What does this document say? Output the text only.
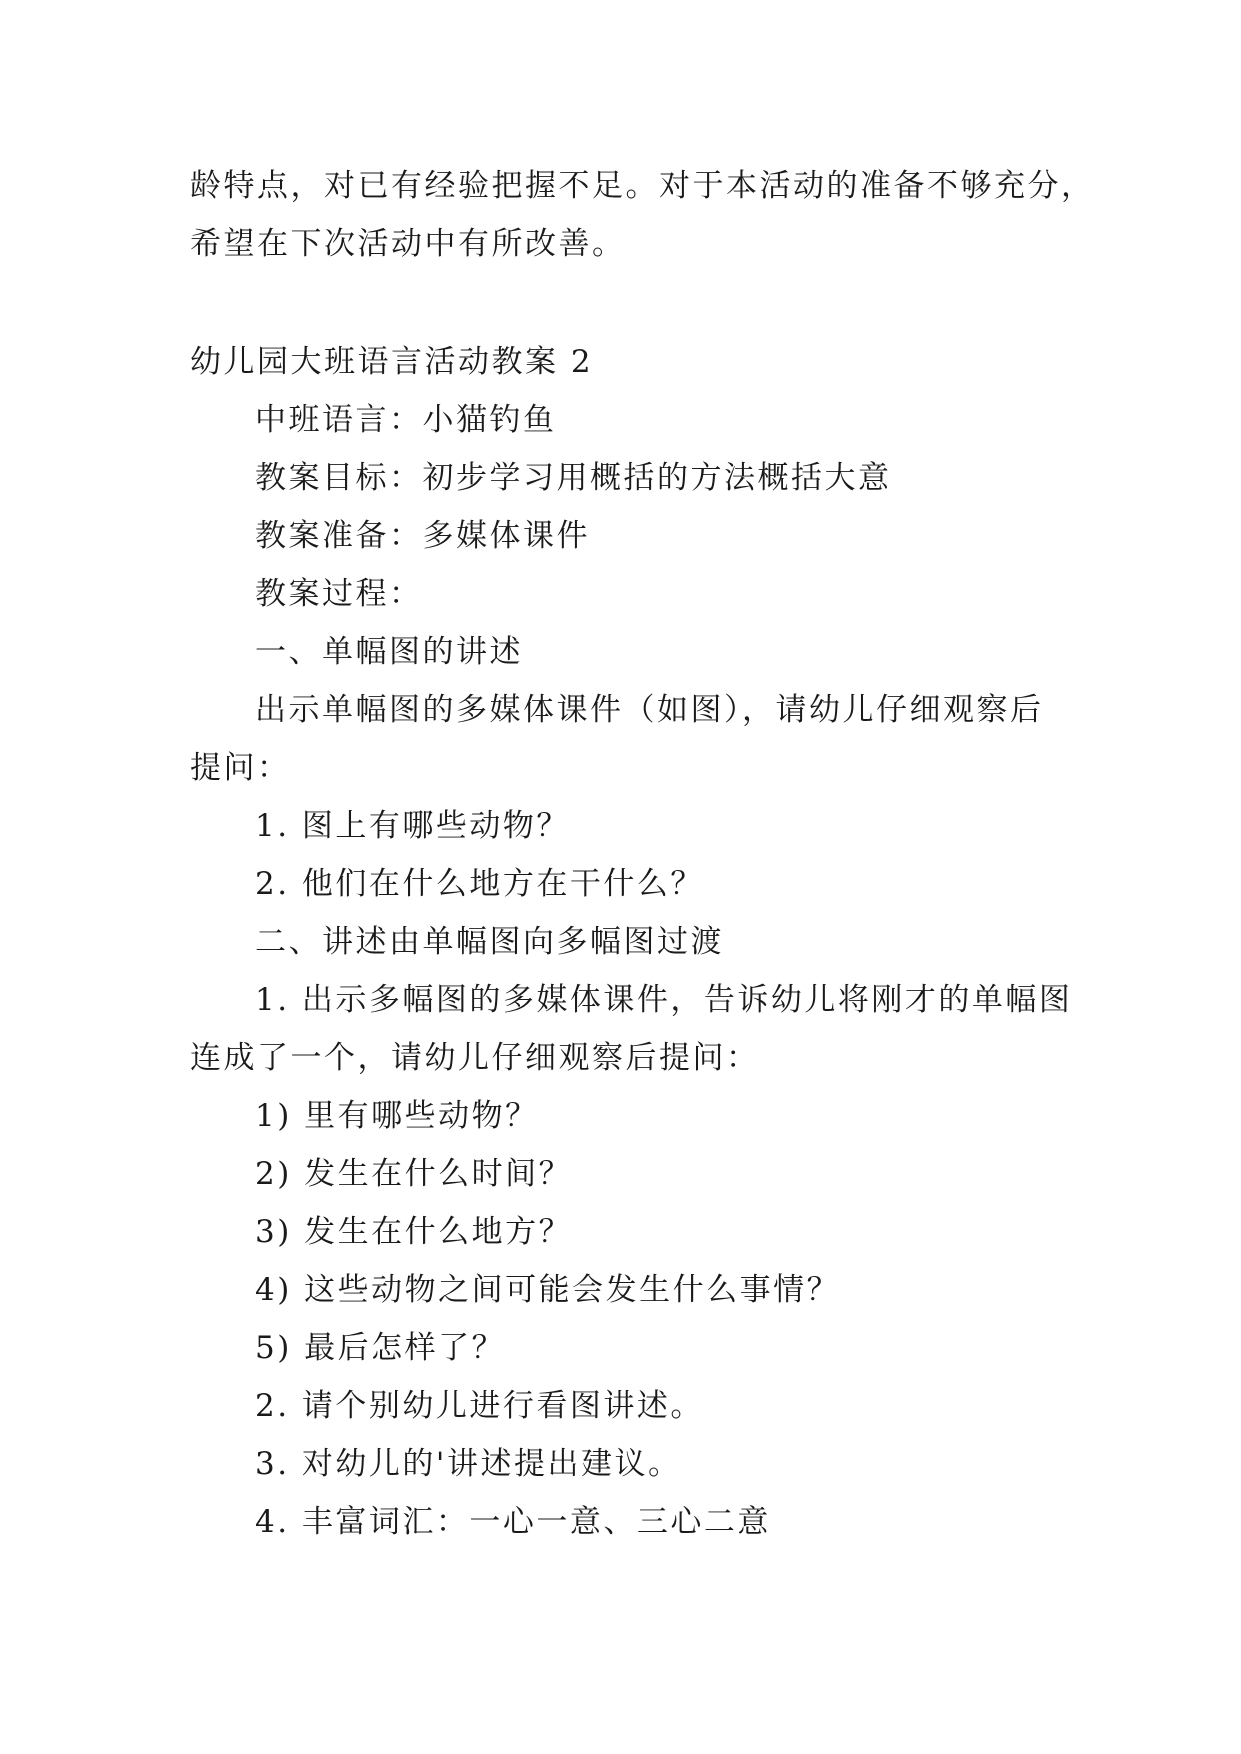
龄特点，对已有经验把握不足。对于本活动的准备不够充分，
希望在下次活动中有所改善。
幼儿园大班语言活动教案 2
中班语言：小猫钓鱼
教案目标：初步学习用概括的方法概括大意
教案准备：多媒体课件
教案过程：
一、单幅图的讲述
出示单幅图的多媒体课件（如图），请幼儿仔细观察后
提问：
1. 图上有哪些动物？
2. 他们在什么地方在干什么？
二、讲述由单幅图向多幅图过渡
1. 出示多幅图的多媒体课件，告诉幼儿将刚才的单幅图
连成了一个，请幼儿仔细观察后提问：
1) 里有哪些动物？
2) 发生在什么时间？
3) 发生在什么地方？
4) 这些动物之间可能会发生什么事情？
5) 最后怎样了？
2. 请个别幼儿进行看图讲述。
3. 对幼儿的'讲述提出建议。
4. 丰富词汇：一心一意、三心二意
